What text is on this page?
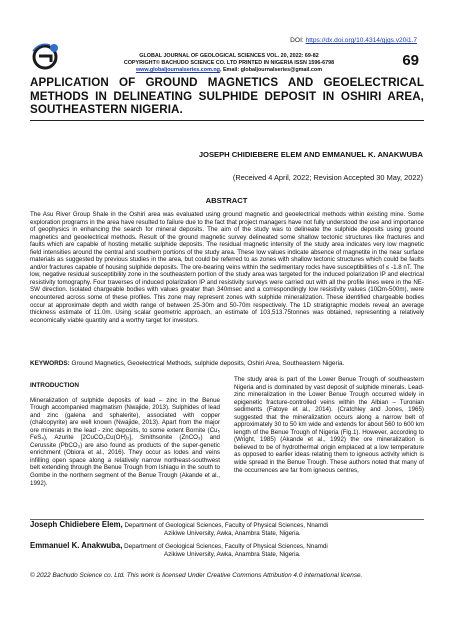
DOI: https://dx.doi.org/10.4314/gjgs.v20i1.7
GLOBAL JOURNAL OF GEOLOGICAL SCIENCES VOL. 20, 2022: 69-82
COPYRIGHT© BACHUDO SCIENCE CO. LTD PRINTED IN NIGERIA ISSN 1596-6798
www.globaljournalseries.com.ng, Email: globaljournalseries@gmail.com
69
APPLICATION OF GROUND MAGNETICS AND GEOELECTRICAL METHODS IN DELINEATING SULPHIDE DEPOSIT IN OSHIRI AREA, SOUTHEASTERN NIGERIA.
JOSEPH CHIDIEBERE ELEM AND EMMANUEL K. ANAKWUBA
(Received 4 April, 2022; Revision Accepted 30 May, 2022)
ABSTRACT
The Asu River Group Shale in the Oshiri area was evaluated using ground magnetic and geoelectrical methods within existing mine. Some exploration programs in the area have resulted to failure due to the fact that project managers have not fully understood the use and importance of geophysics in enhancing the search for mineral deposits. The aim of the study was to delineate the sulphide deposits using ground magnetics and geoelectrical methods. Result of the ground magnetic survey delineated some shallow tectonic structures like fractures and faults which are capable of hosting metallic sulphide deposits. The residual magnetic intensity of the study area indicates very low magnetic field intensities around the central and southern portions of the study area. These low values indicate absence of magnetite in the near surface materials as suggested by previous studies in the area, but could be referred to as zones with shallow tectonic structures which could be faults and/or fractures capable of housing sulphide deposits. The ore-bearing veins within the sedimentary rocks have susceptibilities of ≤ -1.8 nT. The low, negative residual susceptibility zone in the southeastern portion of the study area was targeted for the induced polarization IP and electrical resistivity tomography. Four traverses of induced polarization IP and resistivity surveys were carried out with all the profile lines were in the NE-SW direction. Isolated chargeable bodies with values greater than 340msec and a correspondingly low resistivity values (10Ωm-500m), were encountered across some of these profiles. This zone may represent zones with sulphide mineralization. These identified chargeable bodies occur at approximate depth and width range of between 25-30m and 50-70m respectively. The 1D stratigraphic models reveal an average thickness estimate of 11.0m. Using scalar geometric approach, an estimate of 103,513.75tonnes was obtained, representing a relatively economically viable quantity and a worthy target for investors.
KEYWORDS: Ground Magnetics, Geoelectrical Methods, sulphide deposits, Oshiri Area, Southeastern Nigeria.
INTRODUCTION

Mineralization of sulphide deposits of lead – zinc in the Benue Trough accompanied magmatism (Nwajide, 2013). Sulphides of lead and zinc (galena and sphalerite), associated with copper (chalcopyrite) are well known (Nwajide, 2013). Apart from the major ore minerals in the lead - zinc deposits, to some extent Bornite (Cu₅ FeS₄), Azurite [2CuCO₃Cu(OH)₂], Smithsonite (ZnCO₃) and Cerussite (PbCO₃) are also found as products of the super-genetic enrichment (Obiora et al., 2016). They occur as lodes and veins infilling open space along a relatively narrow northeast-southwest belt extending through the Benue Trough from Ishiagu in the south to Gombe in the northern segment of the Benue Trough (Akande et al., 1992).

The study area is part of the Lower Benue Trough of southeastern Nigeria and is dominated by vast deposit of sulphide minerals. Lead-zinc mineralization in the Lower Benue Trough occurred widely in epigenetic fracture-controlled veins within the Albian – Turonian sediments (Fatoye et al., 2014). (Cratchley and Jones, 1965) suggested that the mineralization occurs along a narrow belt of approximately 30 to 50 km wide and extends for about 560 to 600 km length of the Benue Trough of Nigeria (Fig.1). However, according to (Wright, 1985) (Akande et al., 1992) the ore mineralization is believed to be of hydrothermal origin emplaced at a low temperature as opposed to earlier ideas relating them to igneous activity which is wide spread in the Benue Trough. These authors noted that many of the occurrences are far from igneous centres,

Joseph Chidiebere Elem, Department of Geological Sciences, Faculty of Physical Sciences, Nnamdi
Azikiwe University, Awka, Anambra State, Nigeria.
Emmanuel K. Anakwuba, Department of Geological Sciences, Faculty of Physical Sciences, Nnamdi
Azikiwe University, Awka, Anambra State, Nigeria.
© 2022 Bachudo Science co. Ltd. This work is licensed Under Creative Commons Attribution 4.0 international license.
